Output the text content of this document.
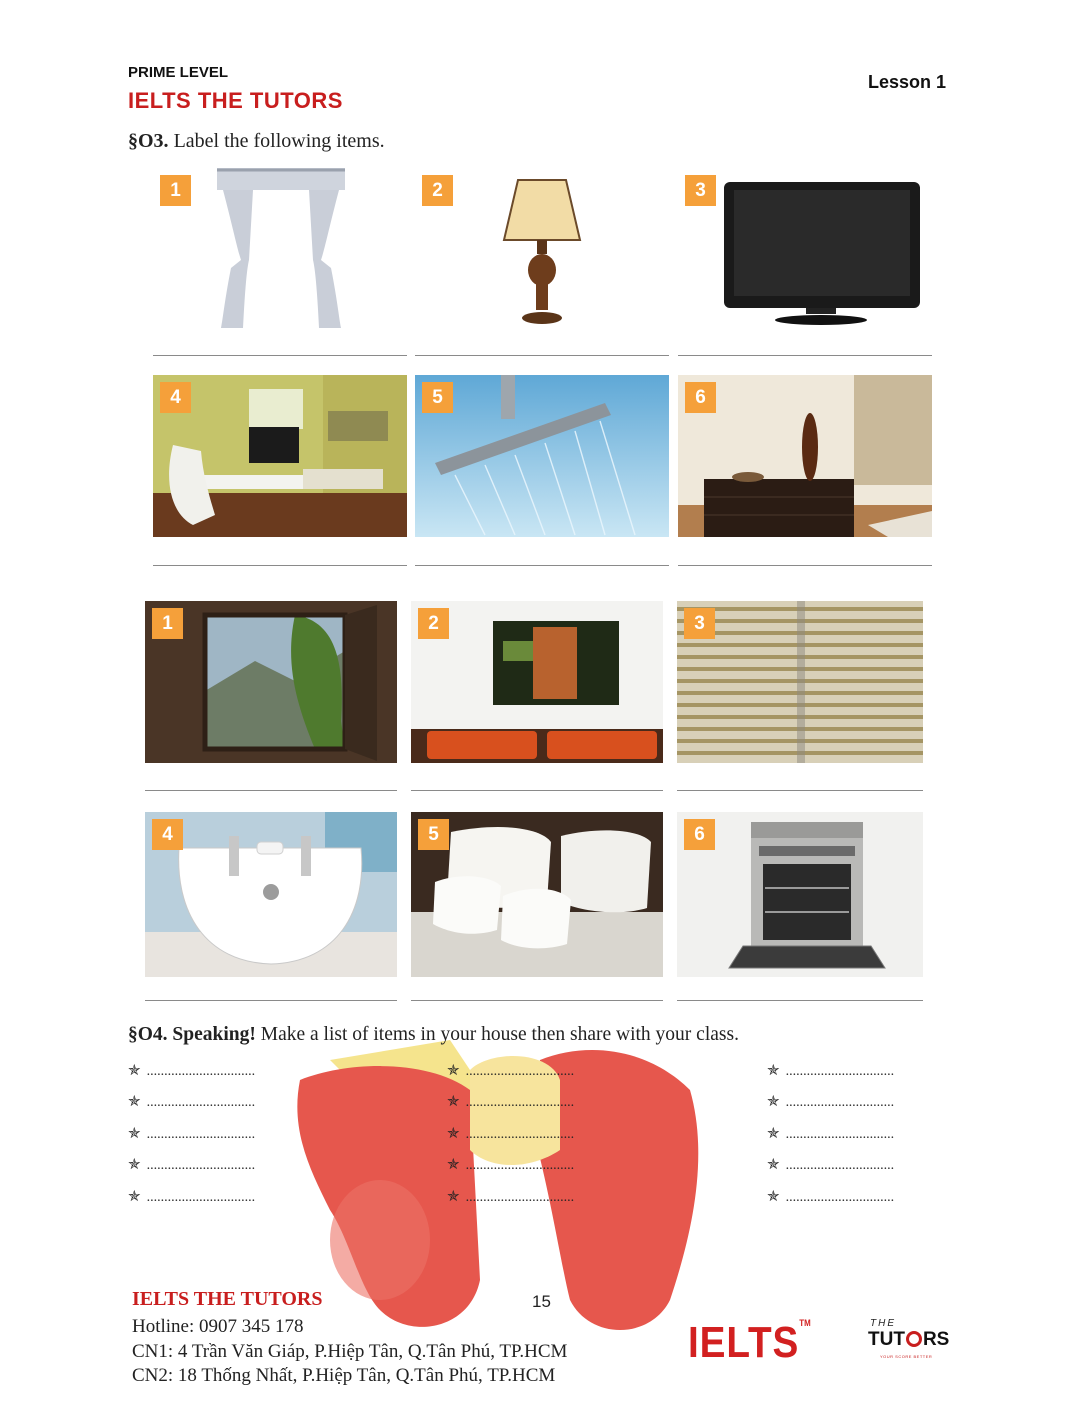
PRIME LEVEL
IELTS THE TUTORS
Lesson 1
§O3. Label the following items.
1	2	3
4	5	6
1	2	3
4	5	6
§O4. Speaking! Make a list of items in your house then share with your class.
✯ ...............................	✯ ...............................	✯ ...............................
✯ ...............................	✯ ...............................	✯ ...............................
✯ ...............................	✯ ...............................	✯ ...............................
✯ ...............................	✯ ...............................	✯ ...............................
✯ ...............................	✯ ...............................	✯ ...............................
IELTS THE TUTORS	15
Hotline: 0907 345 178
CN1: 4 Trần Văn Giáp, P.Hiệp Tân, Q.Tân Phú, TP.HCM
CN2: 18 Thống Nhất, P.Hiệp Tân, Q.Tân Phú, TP.HCM
IELTS™	THE
TUT RS
YOUR SCORE BETTER
